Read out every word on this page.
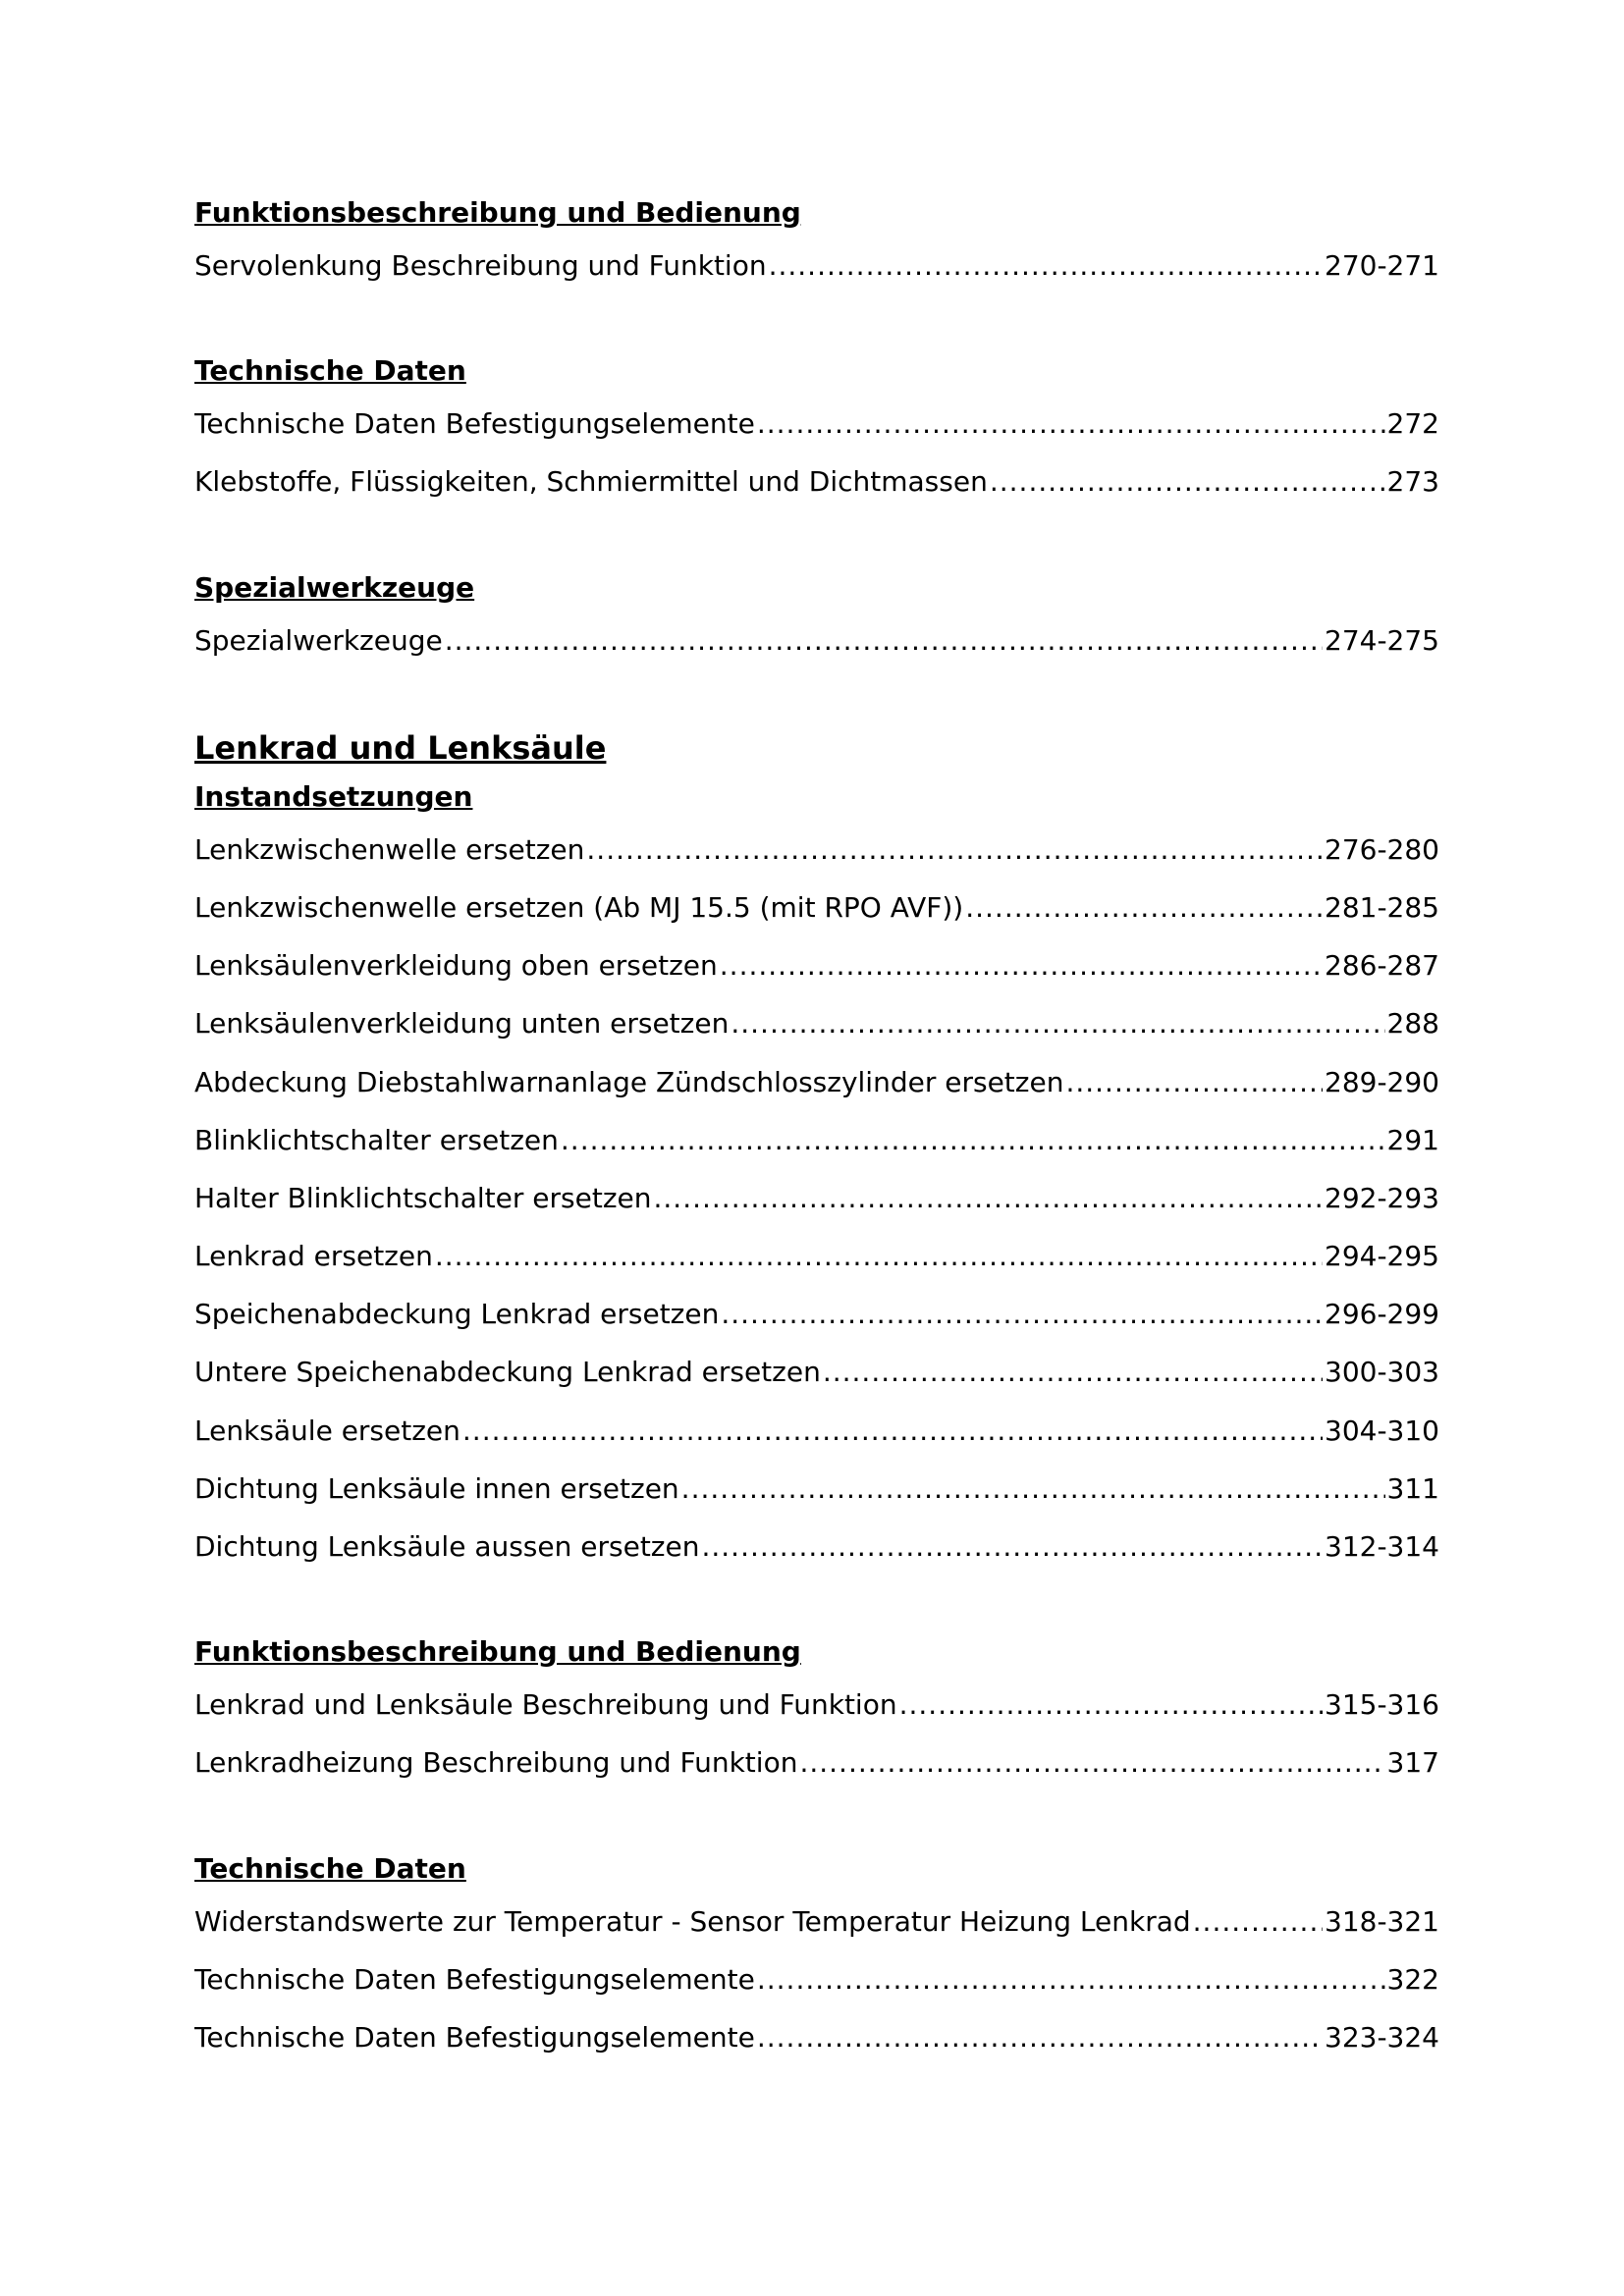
Funktionsbeschreibung und Bedienung
Servolenkung Beschreibung und Funktion .....	270-271
Technische Daten
Technische Daten Befestigungselemente .....	272
Klebstoffe, Flüssigkeiten, Schmiermittel und Dichtmassen .....	273
Spezialwerkzeuge
Spezialwerkzeuge .....	274-275
Lenkrad und Lenksäule
Instandsetzungen
Lenkzwischenwelle ersetzen .....	276-280
Lenkzwischenwelle ersetzen (Ab MJ 15.5 (mit RPO AVF)) .....	281-285
Lenksäulenverkleidung oben ersetzen .....	286-287
Lenksäulenverkleidung unten ersetzen .....	288
Abdeckung Diebstahlwarnanlage Zündschlosszylinder ersetzen .....	289-290
Blinklichtschalter ersetzen .....	291
Halter Blinklichtschalter ersetzen .....	292-293
Lenkrad ersetzen .....	294-295
Speichenabdeckung Lenkrad ersetzen .....	296-299
Untere Speichenabdeckung Lenkrad ersetzen .....	300-303
Lenksäule ersetzen .....	304-310
Dichtung Lenksäule innen ersetzen .....	311
Dichtung Lenksäule aussen ersetzen .....	312-314
Funktionsbeschreibung und Bedienung
Lenkrad und Lenksäule Beschreibung und Funktion .....	315-316
Lenkradheizung Beschreibung und Funktion .....	317
Technische Daten
Widerstandswerte zur Temperatur - Sensor Temperatur Heizung Lenkrad .....	318-321
Technische Daten Befestigungselemente .....	322
Technische Daten Befestigungselemente .....	323-324
